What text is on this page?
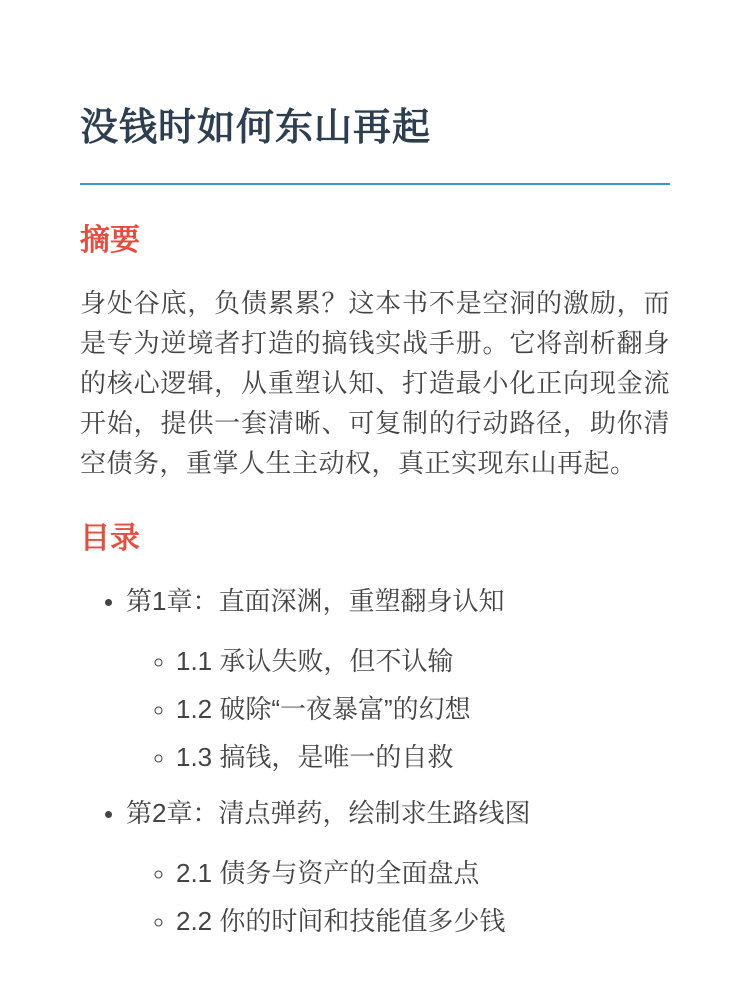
没钱时如何东山再起
摘要

身处谷底，负债累累？这本书不是空洞的激励，而是专为逆境者打造的搞钱实战手册。它将剖析翻身的核心逻辑，从重塑认知、打造最小化正向现金流开始，提供一套清晰、可复制的行动路径，助你清空债务，重掌人生主动权，真正实现东山再起。

目录
• 第1章：直面深渊，重塑翻身认知
◦ 1.1 承认失败，但不认输
◦ 1.2 破除“一夜暴富”的幻想
◦ 1.3 搞钱，是唯一的自救
• 第2章：清点弹药，绘制求生路线图
◦ 2.1 债务与资产的全面盘点
◦ 2.2 你的时间和技能值多少钱
